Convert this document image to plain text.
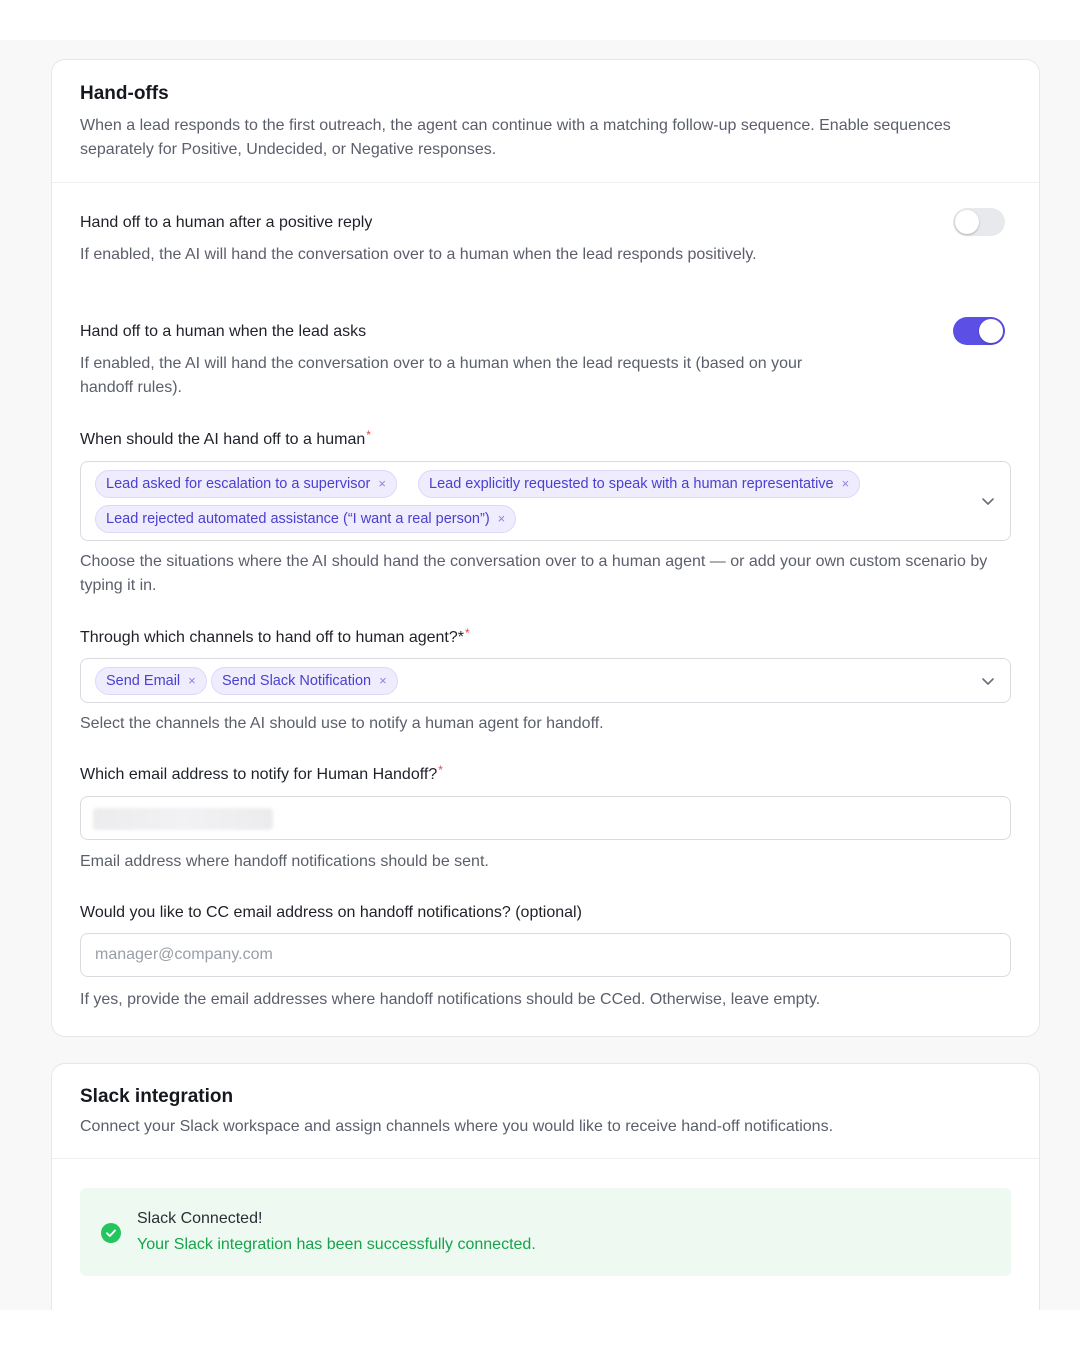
Hand-offs
When a lead responds to the first outreach, the agent can continue with a matching follow-up sequence. Enable sequences separately for Positive, Undecided, or Negative responses.
Hand off to a human after a positive reply
If enabled, the AI will hand the conversation over to a human when the lead responds positively.
Hand off to a human when the lead asks
If enabled, the AI will hand the conversation over to a human when the lead requests it (based on your handoff rules).
When should the AI hand off to a human*
Lead asked for escalation to a supervisor ×	Lead explicitly requested to speak with a human representative ×
Lead rejected automated assistance (“I want a real person”) ×
Choose the situations where the AI should hand the conversation over to a human agent — or add your own custom scenario by typing it in.
Through which channels to hand off to human agent?**
Send Email ×	Send Slack Notification ×
Select the channels the AI should use to notify a human agent for handoff.
Which email address to notify for Human Handoff?*
Email address where handoff notifications should be sent.
Would you like to CC email address on handoff notifications? (optional)
manager@company.com
If yes, provide the email addresses where handoff notifications should be CCed. Otherwise, leave empty.
Slack integration
Connect your Slack workspace and assign channels where you would like to receive hand-off notifications.
Slack Connected!
Your Slack integration has been successfully connected.
